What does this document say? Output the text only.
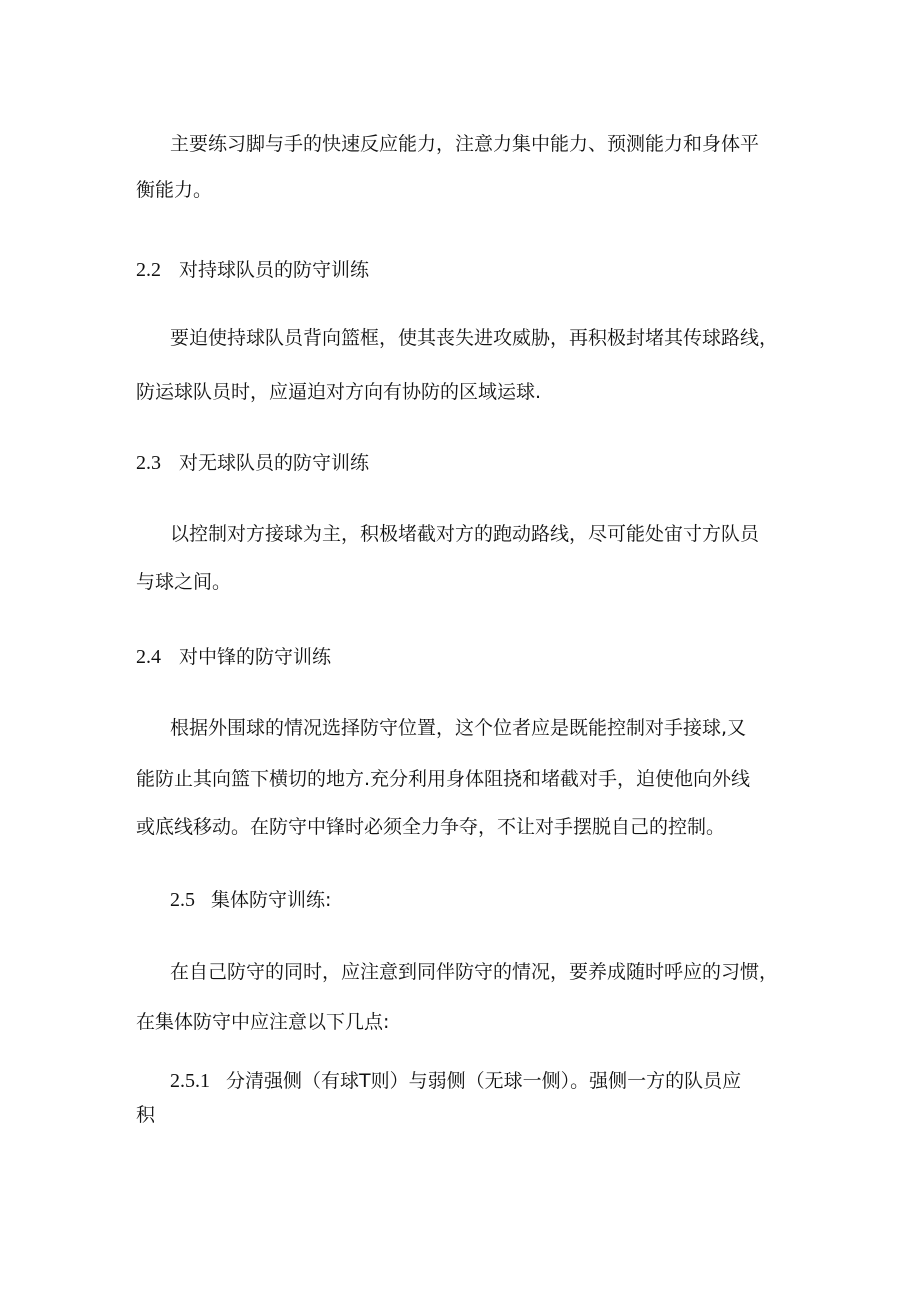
主要练习脚与手的快速反应能力，注意力集中能力、预测能力和身体平
衡能力。
2.2 对持球队员的防守训练
要迫使持球队员背向篮框，使其丧失进攻威胁，再积极封堵其传球路线，
防运球队员时，应逼迫对方向有协防的区域运球.
2.3 对无球队员的防守训练
以控制对方接球为主，积极堵截对方的跑动路线，尽可能处宙寸方队员
与球之间。
2.4 对中锋的防守训练
根据外围球的情况选择防守位置，这个位者应是既能控制对手接球,又
能防止其向篮下横切的地方.充分利用身体阻挠和堵截对手，迫使他向外线
或底线移动。在防守中锋时必须全力争夺，不让对手摆脱自己的控制。
2.5 集体防守训练:
在自己防守的同时，应注意到同伴防守的情况，要养成随时呼应的习惯，
在集体防守中应注意以下几点:
2.5.1 分清强侧（有球T则）与弱侧（无球一侧）。强侧一方的队员应
积
